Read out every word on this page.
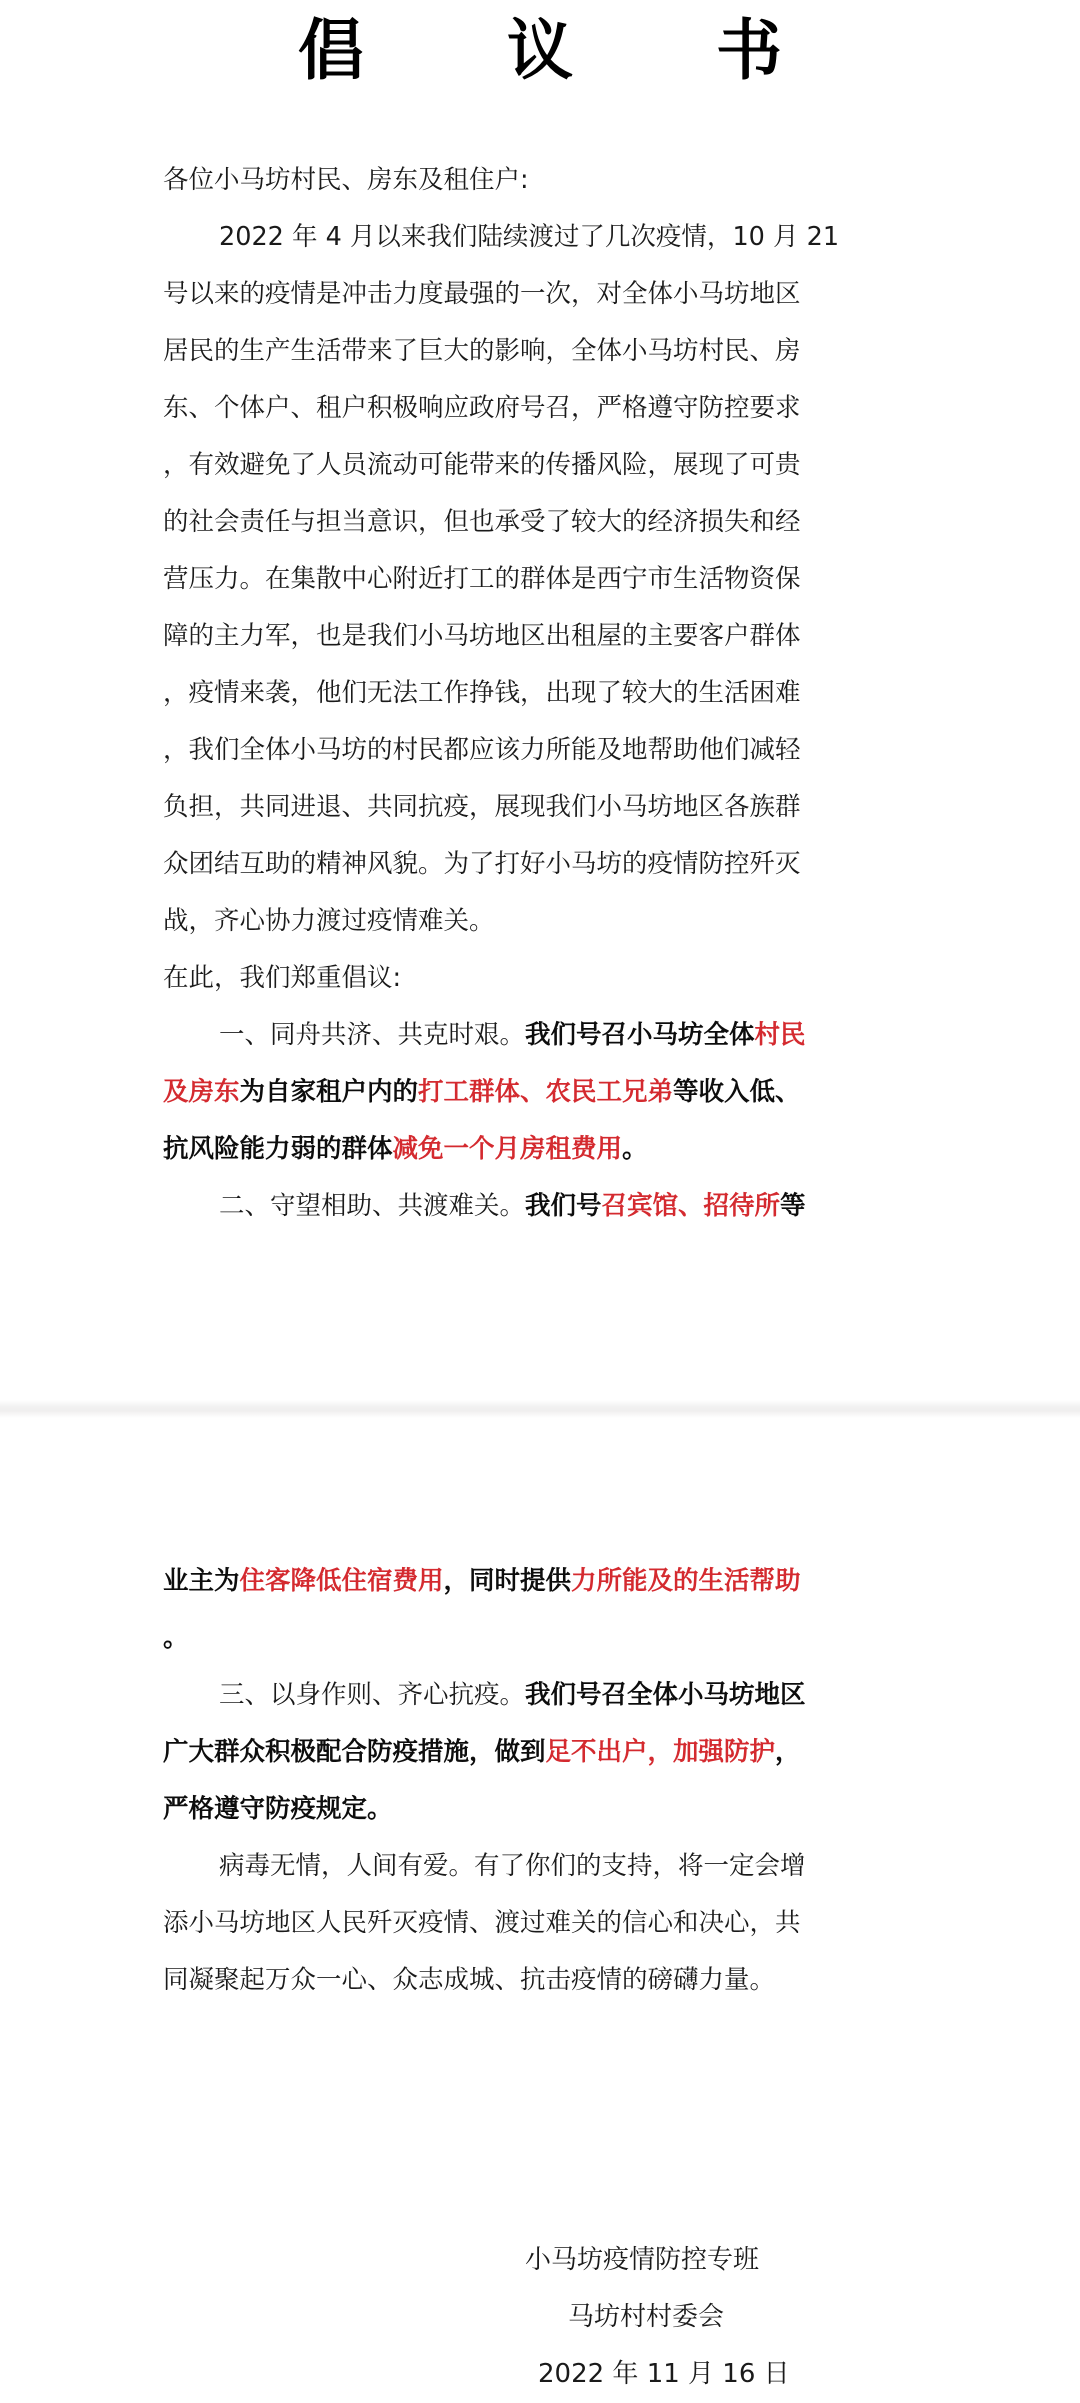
倡 议 书
各位小马坊村民、房东及租住户:
2022 年 4 月以来我们陆续渡过了几次疫情，10 月 21
号以来的疫情是冲击力度最强的一次，对全体小马坊地区
居民的生产生活带来了巨大的影响，全体小马坊村民、房
东、个体户、租户积极响应政府号召，严格遵守防控要求
，有效避免了人员流动可能带来的传播风险，展现了可贵
的社会责任与担当意识，但也承受了较大的经济损失和经
营压力。在集散中心附近打工的群体是西宁市生活物资保
障的主力军，也是我们小马坊地区出租屋的主要客户群体
，疫情来袭，他们无法工作挣钱，出现了较大的生活困难
，我们全体小马坊的村民都应该力所能及地帮助他们减轻
负担，共同进退、共同抗疫，展现我们小马坊地区各族群
众团结互助的精神风貌。为了打好小马坊的疫情防控歼灭
战，齐心协力渡过疫情难关。
在此，我们郑重倡议:
一、同舟共济、共克时艰。我们号召小马坊全体村民
及房东为自家租户内的打工群体、农民工兄弟等收入低、
抗风险能力弱的群体减免一个月房租费用。
二、守望相助、共渡难关。我们号召宾馆、招待所等
业主为住客降低住宿费用，同时提供力所能及的生活帮助
。
三、以身作则、齐心抗疫。我们号召全体小马坊地区
广大群众积极配合防疫措施，做到足不出户，加强防护，
严格遵守防疫规定。
病毒无情，人间有爱。有了你们的支持，将一定会增
添小马坊地区人民歼灭疫情、渡过难关的信心和决心，共
同凝聚起万众一心、众志成城、抗击疫情的磅礴力量。
小马坊疫情防控专班
马坊村村委会
2022 年 11 月 16 日
